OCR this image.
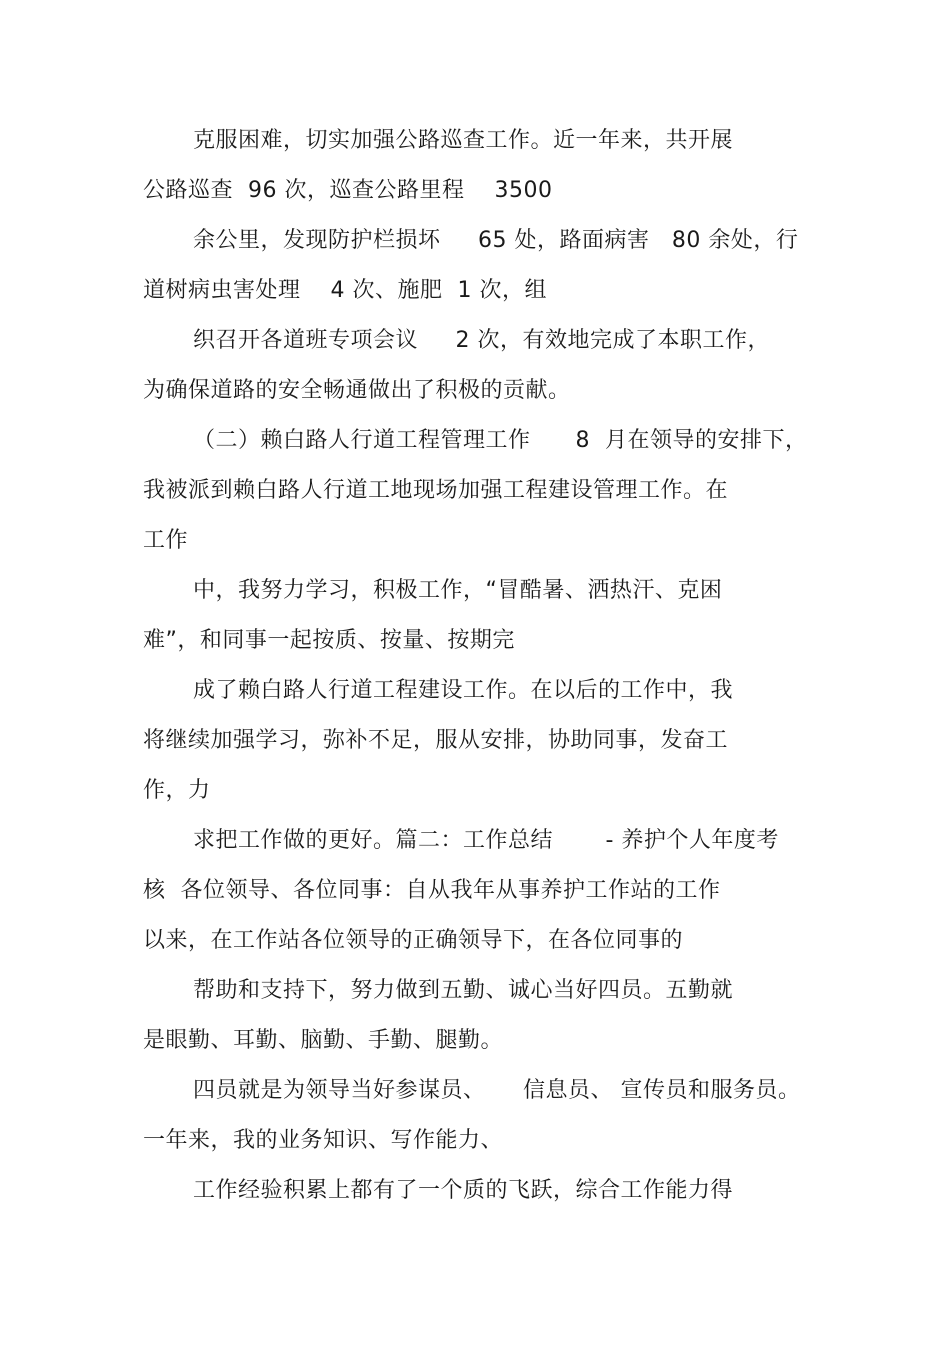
克服困难，切实加强公路巡查工作。近一年来，共开展
公路巡查  96 次，巡查公路里程    3500
余公里，发现防护栏损坏     65 处，路面病害   80 余处，行
道树病虫害处理    4 次、施肥  1 次，组
织召开各道班专项会议     2 次，有效地完成了本职工作，
为确保道路的安全畅通做出了积极的贡献。
（二）赖白路人行道工程管理工作      8  月在领导的安排下，
我被派到赖白路人行道工地现场加强工程建设管理工作。在
工作
中，我努力学习，积极工作，“冒酷暑、洒热汗、克困
难”，和同事一起按质、按量、按期完
成了赖白路人行道工程建设工作。在以后的工作中，我
将继续加强学习，弥补不足，服从安排，协助同事，发奋工
作，力
求把工作做的更好。篇二：工作总结       - 养护个人年度考
核  各位领导、各位同事：自从我年从事养护工作站的工作
以来，在工作站各位领导的正确领导下，在各位同事的
帮助和支持下，努力做到五勤、诚心当好四员。五勤就
是眼勤、耳勤、脑勤、手勤、腿勤。
四员就是为领导当好参谋员、     信息员、 宣传员和服务员。
一年来，我的业务知识、写作能力、
工作经验积累上都有了一个质的飞跃，综合工作能力得
